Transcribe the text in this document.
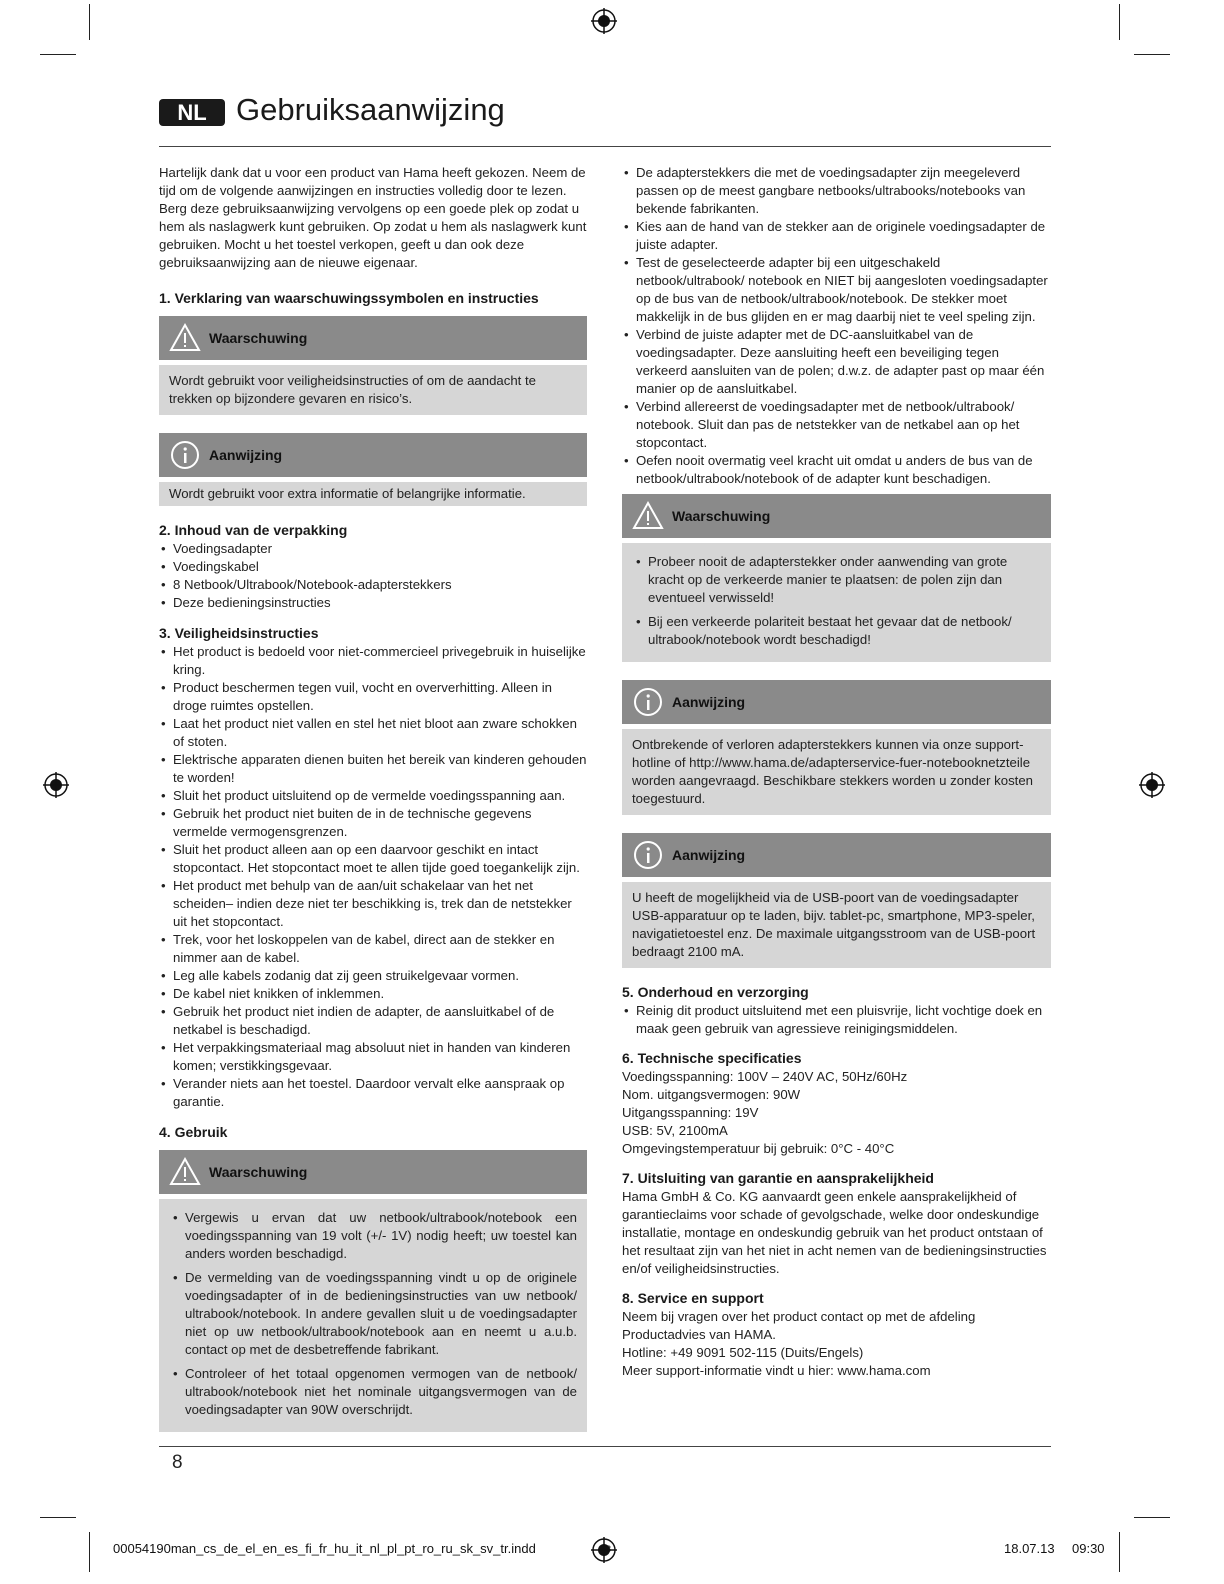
NL Gebruiksaanwijzing

Hartelijk dank dat u voor een product van Hama heeft gekozen. Neem de tijd om de volgende aanwijzingen en instructies volledig door te lezen. Berg deze gebruiksaanwijzing vervolgens op een goede plek op zodat u hem als naslagwerk kunt gebruiken. Op zodat u hem als naslagwerk kunt gebruiken. Mocht u het toestel verkopen, geeft u dan ook deze gebruiksaanwijzing aan de nieuwe eigenaar.

1. Verklaring van waarschuwingssymbolen en instructies
Waarschuwing

Wordt gebruikt voor veiligheidsinstructies of om de aandacht te trekken op bijzondere gevaren en risico’s.

Aanwijzing

Wordt gebruikt voor extra informatie of belangrijke informatie.

2. Inhoud van de verpakking
• Voedingsadapter
• Voedingskabel
• 8 Netbook/Ultrabook/Notebook-adapterstekkers
• Deze bedieningsinstructies
3. Veiligheidsinstructies
• Het product is bedoeld voor niet-commercieel privegebruik in huiselijke kring.
• Product beschermen tegen vuil, vocht en oververhitting. Alleen in droge ruimtes opstellen.
• Laat het product niet vallen en stel het niet bloot aan zware schokken of stoten.
• Elektrische apparaten dienen buiten het bereik van kinderen gehouden te worden!
• Sluit het product uitsluitend op de vermelde voedingsspanning aan.
• Gebruik het product niet buiten de in de technische gegevens vermelde vermogensgrenzen.
• Sluit het product alleen aan op een daarvoor geschikt en intact stopcontact. Het stopcontact moet te allen tijde goed toegankelijk zijn.
• Het product met behulp van de aan/uit schakelaar van het net scheiden– indien deze niet ter beschikking is, trek dan de netstekker uit het stopcontact.
• Trek, voor het loskoppelen van de kabel, direct aan de stekker en nimmer aan de kabel.
• Leg alle kabels zodanig dat zij geen struikelgevaar vormen.
• De kabel niet knikken of inklemmen.
• Gebruik het product niet indien de adapter, de aansluitkabel of de netkabel is beschadigd.
• Het verpakkingsmateriaal mag absoluut niet in handen van kinderen komen; verstikkingsgevaar.
• Verander niets aan het toestel. Daardoor vervalt elke aanspraak op garantie.
4. Gebruik
Waarschuwing
• Vergewis u ervan dat uw netbook/ultrabook/notebook een voedingsspanning van 19 volt (+/- 1V) nodig heeft; uw toestel kan anders worden beschadigd.
• De vermelding van de voedingsspanning vindt u op de originele voedingsadapter of in de bedieningsinstructies van uw netbook/ ultrabook/notebook. In andere gevallen sluit u de voedingsadapter niet op uw netbook/ultrabook/notebook aan en neemt u a.u.b. contact op met de desbetreffende fabrikant.
• Controleer of het totaal opgenomen vermogen van de netbook/ ultrabook/notebook niet het nominale uitgangsvermogen van de voedingsadapter van 90W overschrijdt.
• De adapterstekkers die met de voedingsadapter zijn meegeleverd passen op de meest gangbare netbooks/ultrabooks/notebooks van bekende fabrikanten.
• Kies aan de hand van de stekker aan de originele voedingsadapter de juiste adapter.
• Test de geselecteerde adapter bij een uitgeschakeld netbook/ultrabook/ notebook en NIET bij aangesloten voedingsadapter op de bus van de netbook/ultrabook/notebook. De stekker moet makkelijk in de bus glijden en er mag daarbij niet te veel speling zijn.
• Verbind de juiste adapter met de DC-aansluitkabel van de voedingsadapter. Deze aansluiting heeft een beveiliging tegen verkeerd aansluiten van de polen; d.w.z. de adapter past op maar één manier op de aansluitkabel.
• Verbind allereerst de voedingsadapter met de netbook/ultrabook/ notebook. Sluit dan pas de netstekker van de netkabel aan op het stopcontact.
• Oefen nooit overmatig veel kracht uit omdat u anders de bus van de netbook/ultrabook/notebook of de adapter kunt beschadigen.
Waarschuwing
• Probeer nooit de adapterstekker onder aanwending van grote kracht op de verkeerde manier te plaatsen: de polen zijn dan eventueel verwisseld!
• Bij een verkeerde polariteit bestaat het gevaar dat de netbook/ ultrabook/notebook wordt beschadigd!
Aanwijzing

Ontbrekende of verloren adapterstekkers kunnen via onze support- hotline of http://www.hama.de/adapterservice-fuer-notebooknetzteile worden aangevraagd. Beschikbare stekkers worden u zonder kosten toegestuurd.

Aanwijzing

U heeft de mogelijkheid via de USB-poort van de voedingsadapter USB-apparatuur op te laden, bijv. tablet-pc, smartphone, MP3-speler, navigatietoestel enz. De maximale uitgangsstroom van de USB-poort bedraagt 2100 mA.

5. Onderhoud en verzorging
• Reinig dit product uitsluitend met een pluisvrije, licht vochtige doek en maak geen gebruik van agressieve reinigingsmiddelen.
6. Technische specificaties

Voedingsspanning: 100V – 240V AC, 50Hz/60Hz

Nom. uitgangsvermogen: 90W

Uitgangsspanning: 19V

USB: 5V, 2100mA

Omgevingstemperatuur bij gebruik: 0°C - 40°C

7. Uitsluiting van garantie en aansprakelijkheid

Hama GmbH & Co. KG aanvaardt geen enkele aansprakelijkheid of garantieclaims voor schade of gevolgschade, welke door ondeskundige installatie, montage en ondeskundig gebruik van het product ontstaan of het resultaat zijn van het niet in acht nemen van de bedieningsinstructies en/of veiligheidsinstructies.

8. Service en support

Neem bij vragen over het product contact op met de afdeling Productadvies van HAMA.

Hotline: +49 9091 502-115 (Duits/Engels)

Meer support-informatie vindt u hier: www.hama.com

8
00054190man_cs_de_el_en_es_fi_fr_hu_it_nl_pl_pt_ro_ru_sk_sv_tr.indd	8	18.07.13 09:30
